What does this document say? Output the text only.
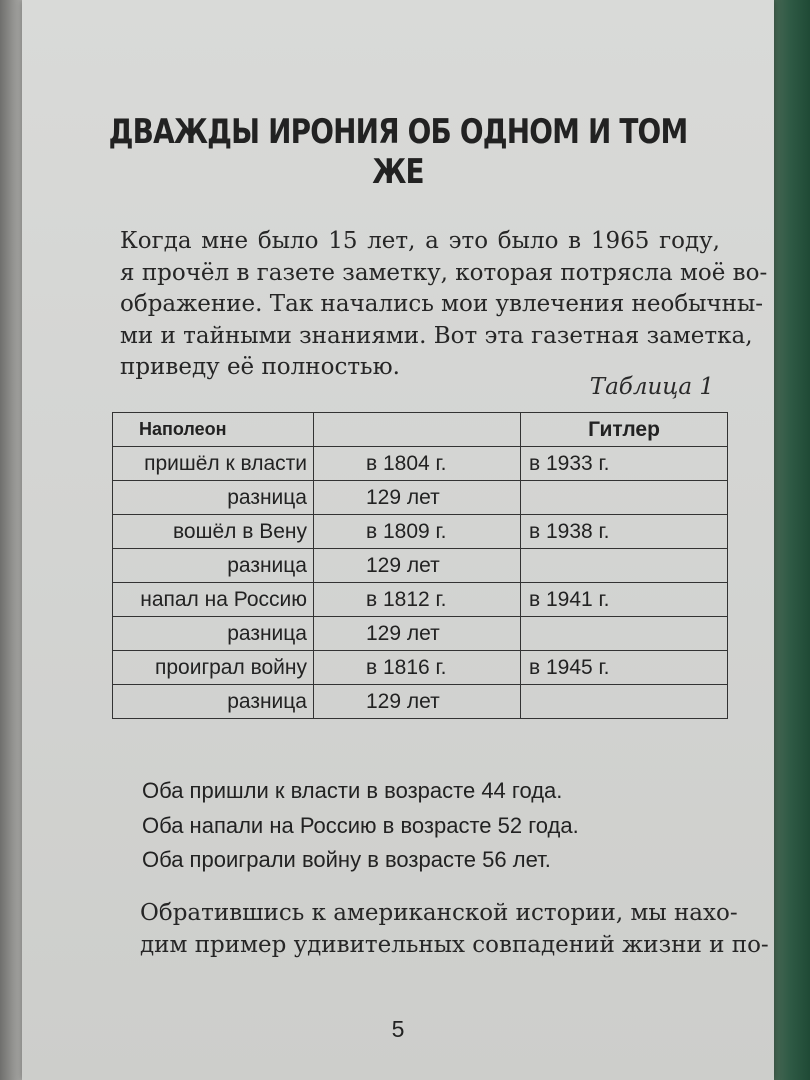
ДВАЖДЫ ИРОНИЯ ОБ ОДНОМ И ТОМ ЖЕ
Когда мне было 15 лет, а это было в 1965 году,
я прочёл в газете заметку, которая потрясла моё во-
ображение. Так начались мои увлечения необычны-
ми и тайными знаниями. Вот эта газетная заметка,
приведу её полностью.
Таблица 1
Наполеон		Гитлер
пришёл к власти	в 1804 г.	в 1933 г.
разница	129 лет	
вошёл в Вену	в 1809 г.	в 1938 г.
разница	129 лет	
напал на Россию	в 1812 г.	в 1941 г.
разница	129 лет	
проиграл войну	в 1816 г.	в 1945 г.
разница	129 лет	
Оба пришли к власти в возрасте 44 года.
Оба напали на Россию в возрасте 52 года.
Оба проиграли войну в возрасте 56 лет.
Обратившись к американской истории, мы нахо-
дим пример удивительных совпадений жизни и по-
5
